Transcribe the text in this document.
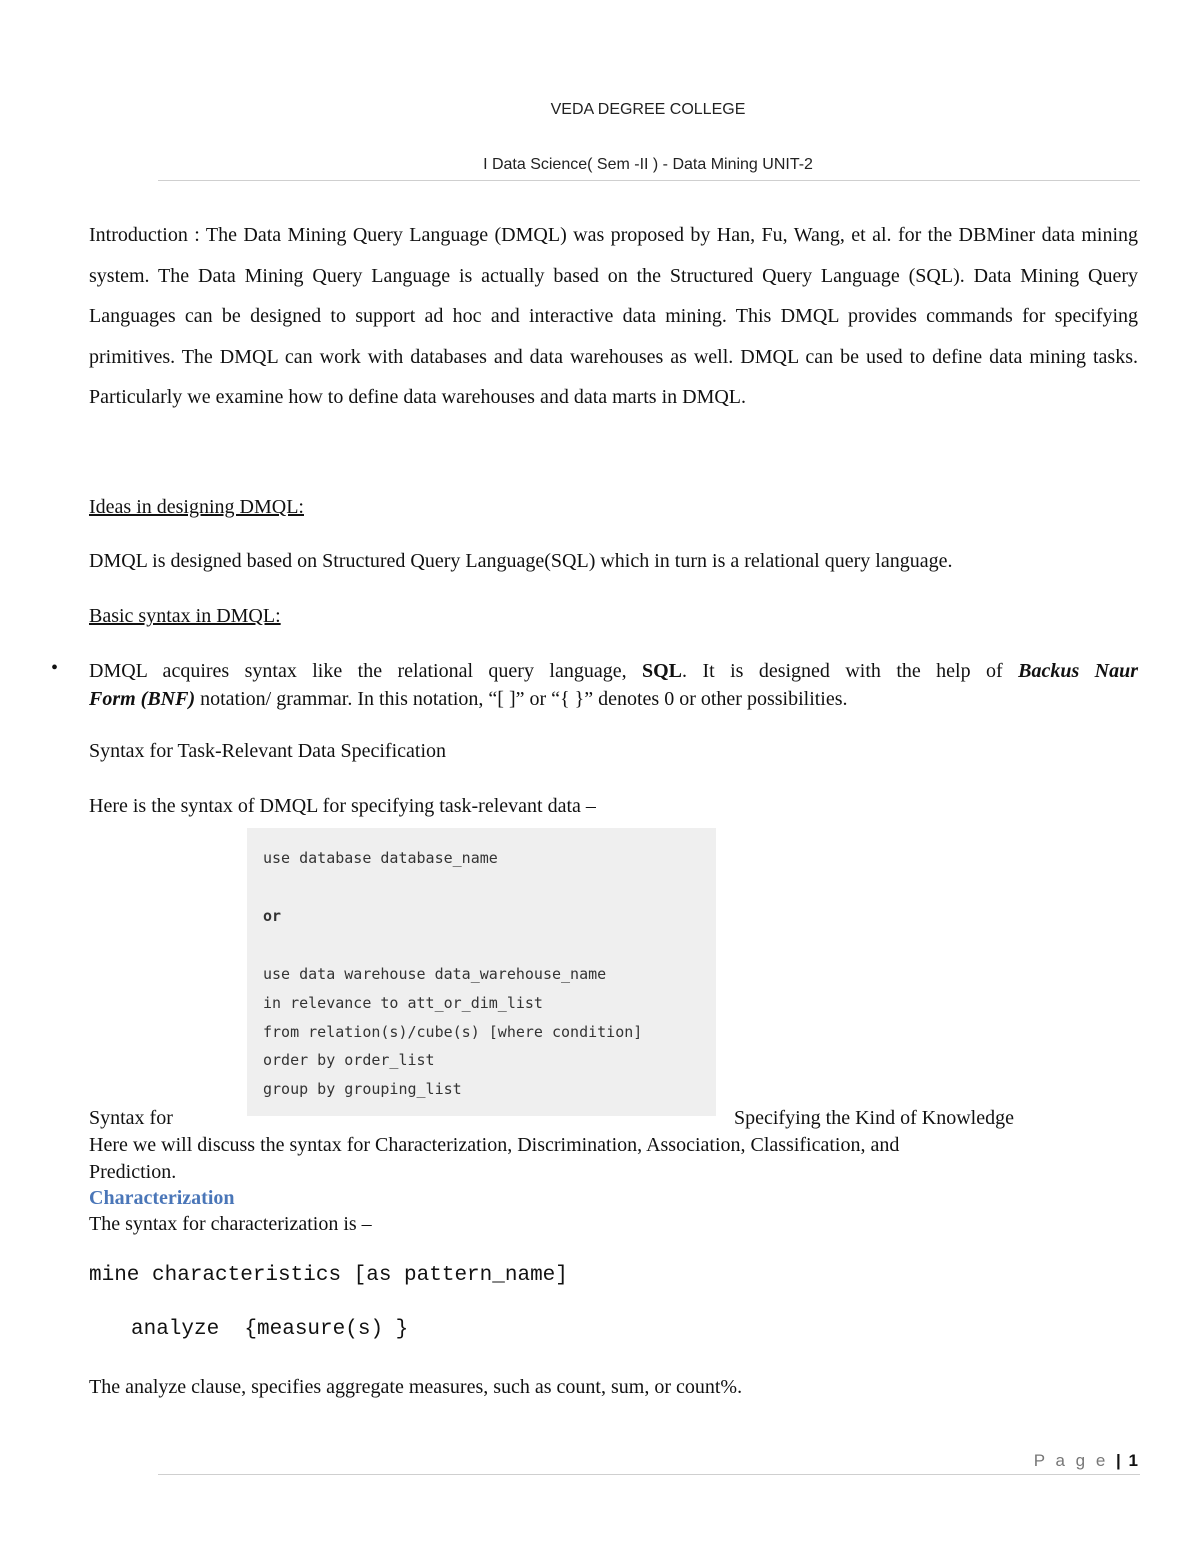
VEDA DEGREE COLLEGE
I Data Science( Sem -II ) - Data Mining UNIT-2
Introduction : The Data Mining Query Language (DMQL) was proposed by Han, Fu, Wang, et al. for the DBMiner data mining system. The Data Mining Query Language is actually based on the Structured Query Language (SQL). Data Mining Query Languages can be designed to support ad hoc and interactive data mining. This DMQL provides commands for specifying primitives. The DMQL can work with databases and data warehouses as well. DMQL can be used to define data mining tasks. Particularly we examine how to define data warehouses and data marts in DMQL.
Ideas in designing DMQL:
DMQL is designed based on Structured Query Language(SQL) which in turn is a relational query language.
Basic syntax in DMQL:
• DMQL acquires syntax like the relational query language, SQL. It is designed with the help of Backus Naur
Form (BNF) notation/ grammar. In this notation, “[ ]” or “{ }” denotes 0 or other possibilities.
Syntax for Task-Relevant Data Specification
Here is the syntax of DMQL for specifying task-relevant data –
use database database_name
or
use data warehouse data_warehouse_name
in relevance to att_or_dim_list
from relation(s)/cube(s) [where condition]
order by order_list
group by grouping_list
Syntax for	Specifying the Kind of Knowledge
Here we will discuss the syntax for Characterization, Discrimination, Association, Classification, and
Prediction.
Characterization
The syntax for characterization is –
mine characteristics [as pattern_name]
analyze  {measure(s) }
The analyze clause, specifies aggregate measures, such as count, sum, or count%.
P a g e | 1
